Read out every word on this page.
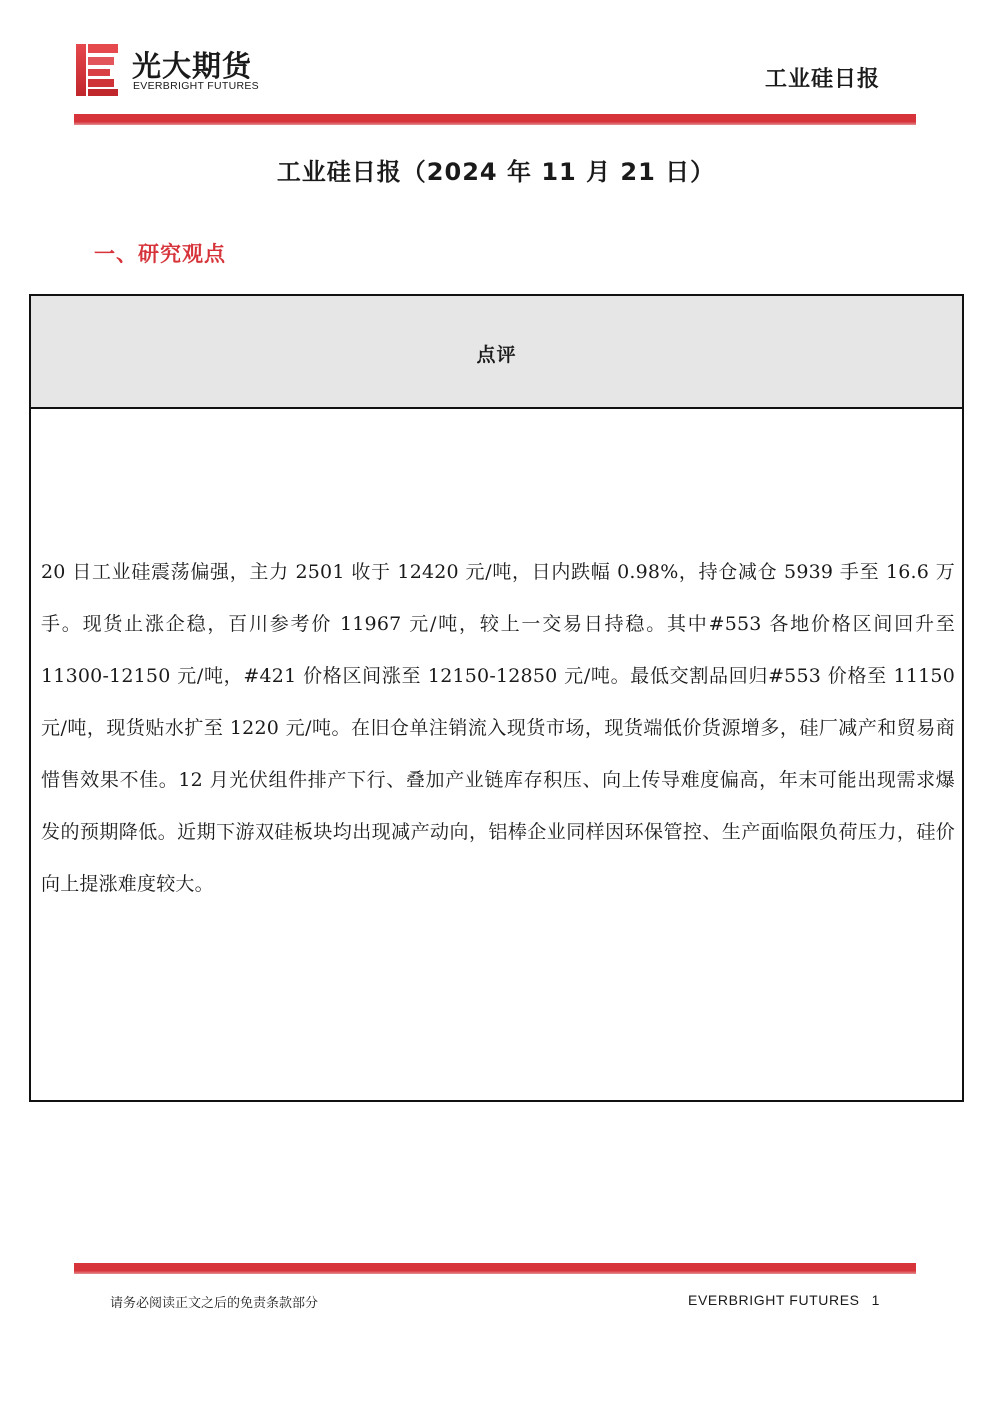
光大期货
EVERBRIGHT FUTURES	工业硅日报
工业硅日报（2024 年 11 月 21 日）
一、研究观点
点评
20 日工业硅震荡偏强，主力 2501 收于 12420 元/吨，日内跌幅 0.98%，持仓减仓 5939 手至 16.6 万手。现货止涨企稳，百川参考价 11967 元/吨，较上一交易日持稳。其中#553 各地价格区间回升至 11300-12150 元/吨，#421 价格区间涨至 12150-12850 元/吨。最低交割品回归#553 价格至 11150 元/吨，现货贴水扩至 1220 元/吨。在旧仓单注销流入现货市场，现货端低价货源增多，硅厂减产和贸易商惜售效果不佳。12 月光伏组件排产下行、叠加产业链库存积压、向上传导难度偏高，年末可能出现需求爆发的预期降低。近期下游双硅板块均出现减产动向，铝棒企业同样因环保管控、生产面临限负荷压力，硅价向上提涨难度较大。
请务必阅读正文之后的免责条款部分	EVERBRIGHT FUTURES 1
